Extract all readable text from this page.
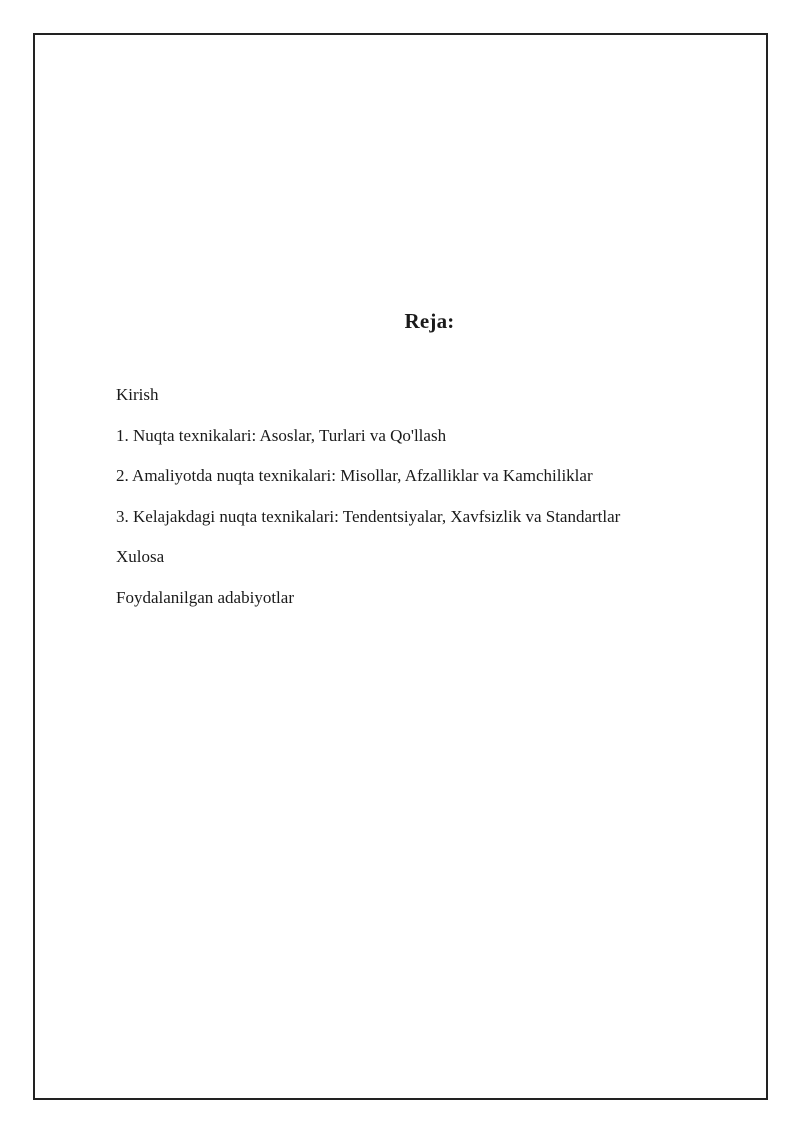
Reja:
Kirish
1. Nuqta texnikalari: Asoslar, Turlari va Qo'llash
2. Amaliyotda nuqta texnikalari: Misollar, Afzalliklar va Kamchiliklar
3. Kelajakdagi nuqta texnikalari: Tendentsiyalar, Xavfsizlik va Standartlar
Xulosa
Foydalanilgan adabiyotlar
